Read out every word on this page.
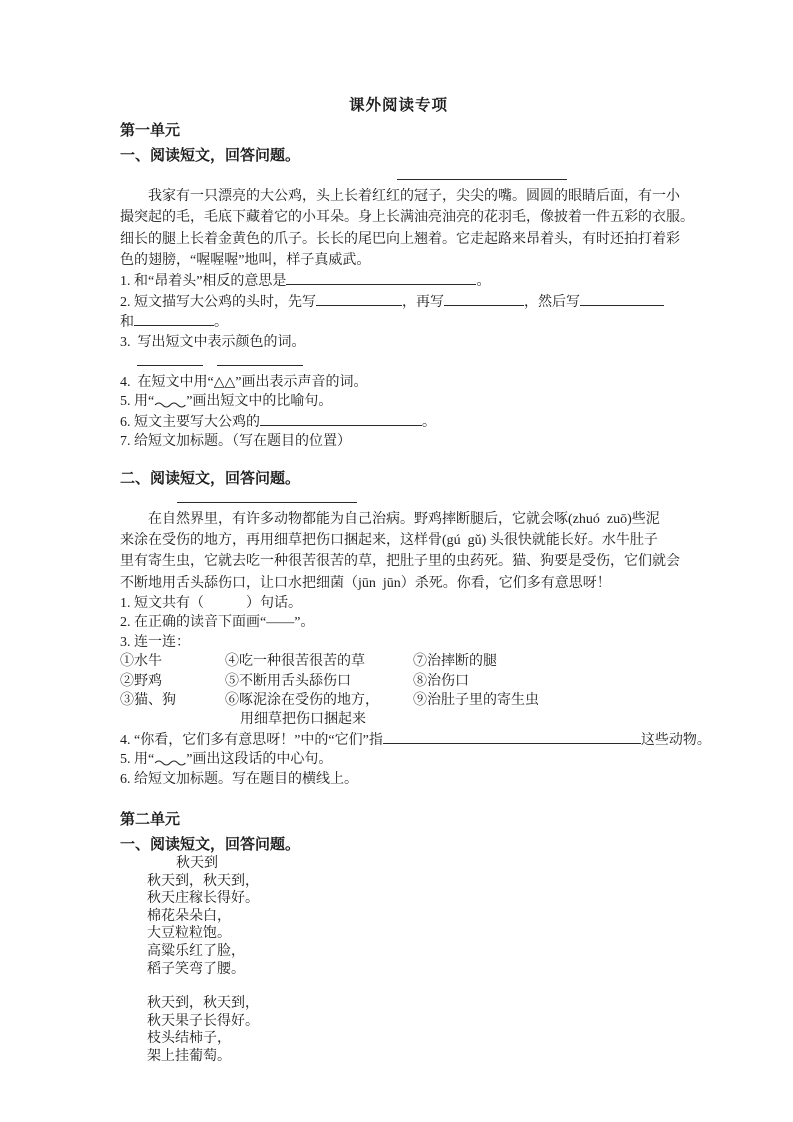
课外阅读专项
第一单元
一、阅读短文，回答问题。
　　我家有一只漂亮的大公鸡，头上长着红红的冠子，尖尖的嘴。圆圆的眼睛后面，有一小
撮突起的毛，毛底下藏着它的小耳朵。身上长满油亮油亮的花羽毛，像披着一件五彩的衣服。
细长的腿上长着金黄色的爪子。长长的尾巴向上翘着。它走起路来昂着头，有时还拍打着彩
色的翅膀，“喔喔喔”地叫，样子真威武。
1. 和“昂着头”相反的意思是	。
2. 短文描写大公鸡的头时，先写	，再写	，然后写
和	。
3.  写出短文中表示颜色的词。
4.  在短文中用“△△”画出表示声音的词。
5. 用“ ”画出短文中的比喻句。
6. 短文主要写大公鸡的	。
7. 给短文加标题。（写在题目的位置）
二、阅读短文，回答问题。
　　在自然界里，有许多动物都能为自己治病。野鸡摔断腿后，它就会啄(zhuó  zuō)些泥
来涂在受伤的地方，再用细草把伤口捆起来，这样骨(gú  gǔ) 头很快就能长好。水牛肚子
里有寄生虫，它就去吃一种很苦很苦的草，把肚子里的虫药死。猫、狗要是受伤，它们就会
不断地用舌头舔伤口，让口水把细菌（jūn  jūn）杀死。你看，它们多有意思呀！
1. 短文共有（　　　）句话。
2. 在正确的读音下面画“——”。
3. 连一连：
①水牛	④吃一种很苦很苦的草	⑦治摔断的腿
②野鸡	⑤不断用舌头舔伤口	⑧治伤口
③猫、狗	⑥啄泥涂在受伤的地方，	⑨治肚子里的寄生虫
用细草把伤口捆起来
4. “你看，它们多有意思呀！”中的“它们”指	这些动物。
5. 用“ ”画出这段话的中心句。
6. 给短文加标题。写在题目的横线上。
第二单元
一、阅读短文，回答问题。
秋天到
秋天到，秋天到，
秋天庄稼长得好。
棉花朵朵白，
大豆粒粒饱。
高粱乐红了脸，
稻子笑弯了腰。
秋天到，秋天到，
秋天果子长得好。
枝头结柿子，
架上挂葡萄。
